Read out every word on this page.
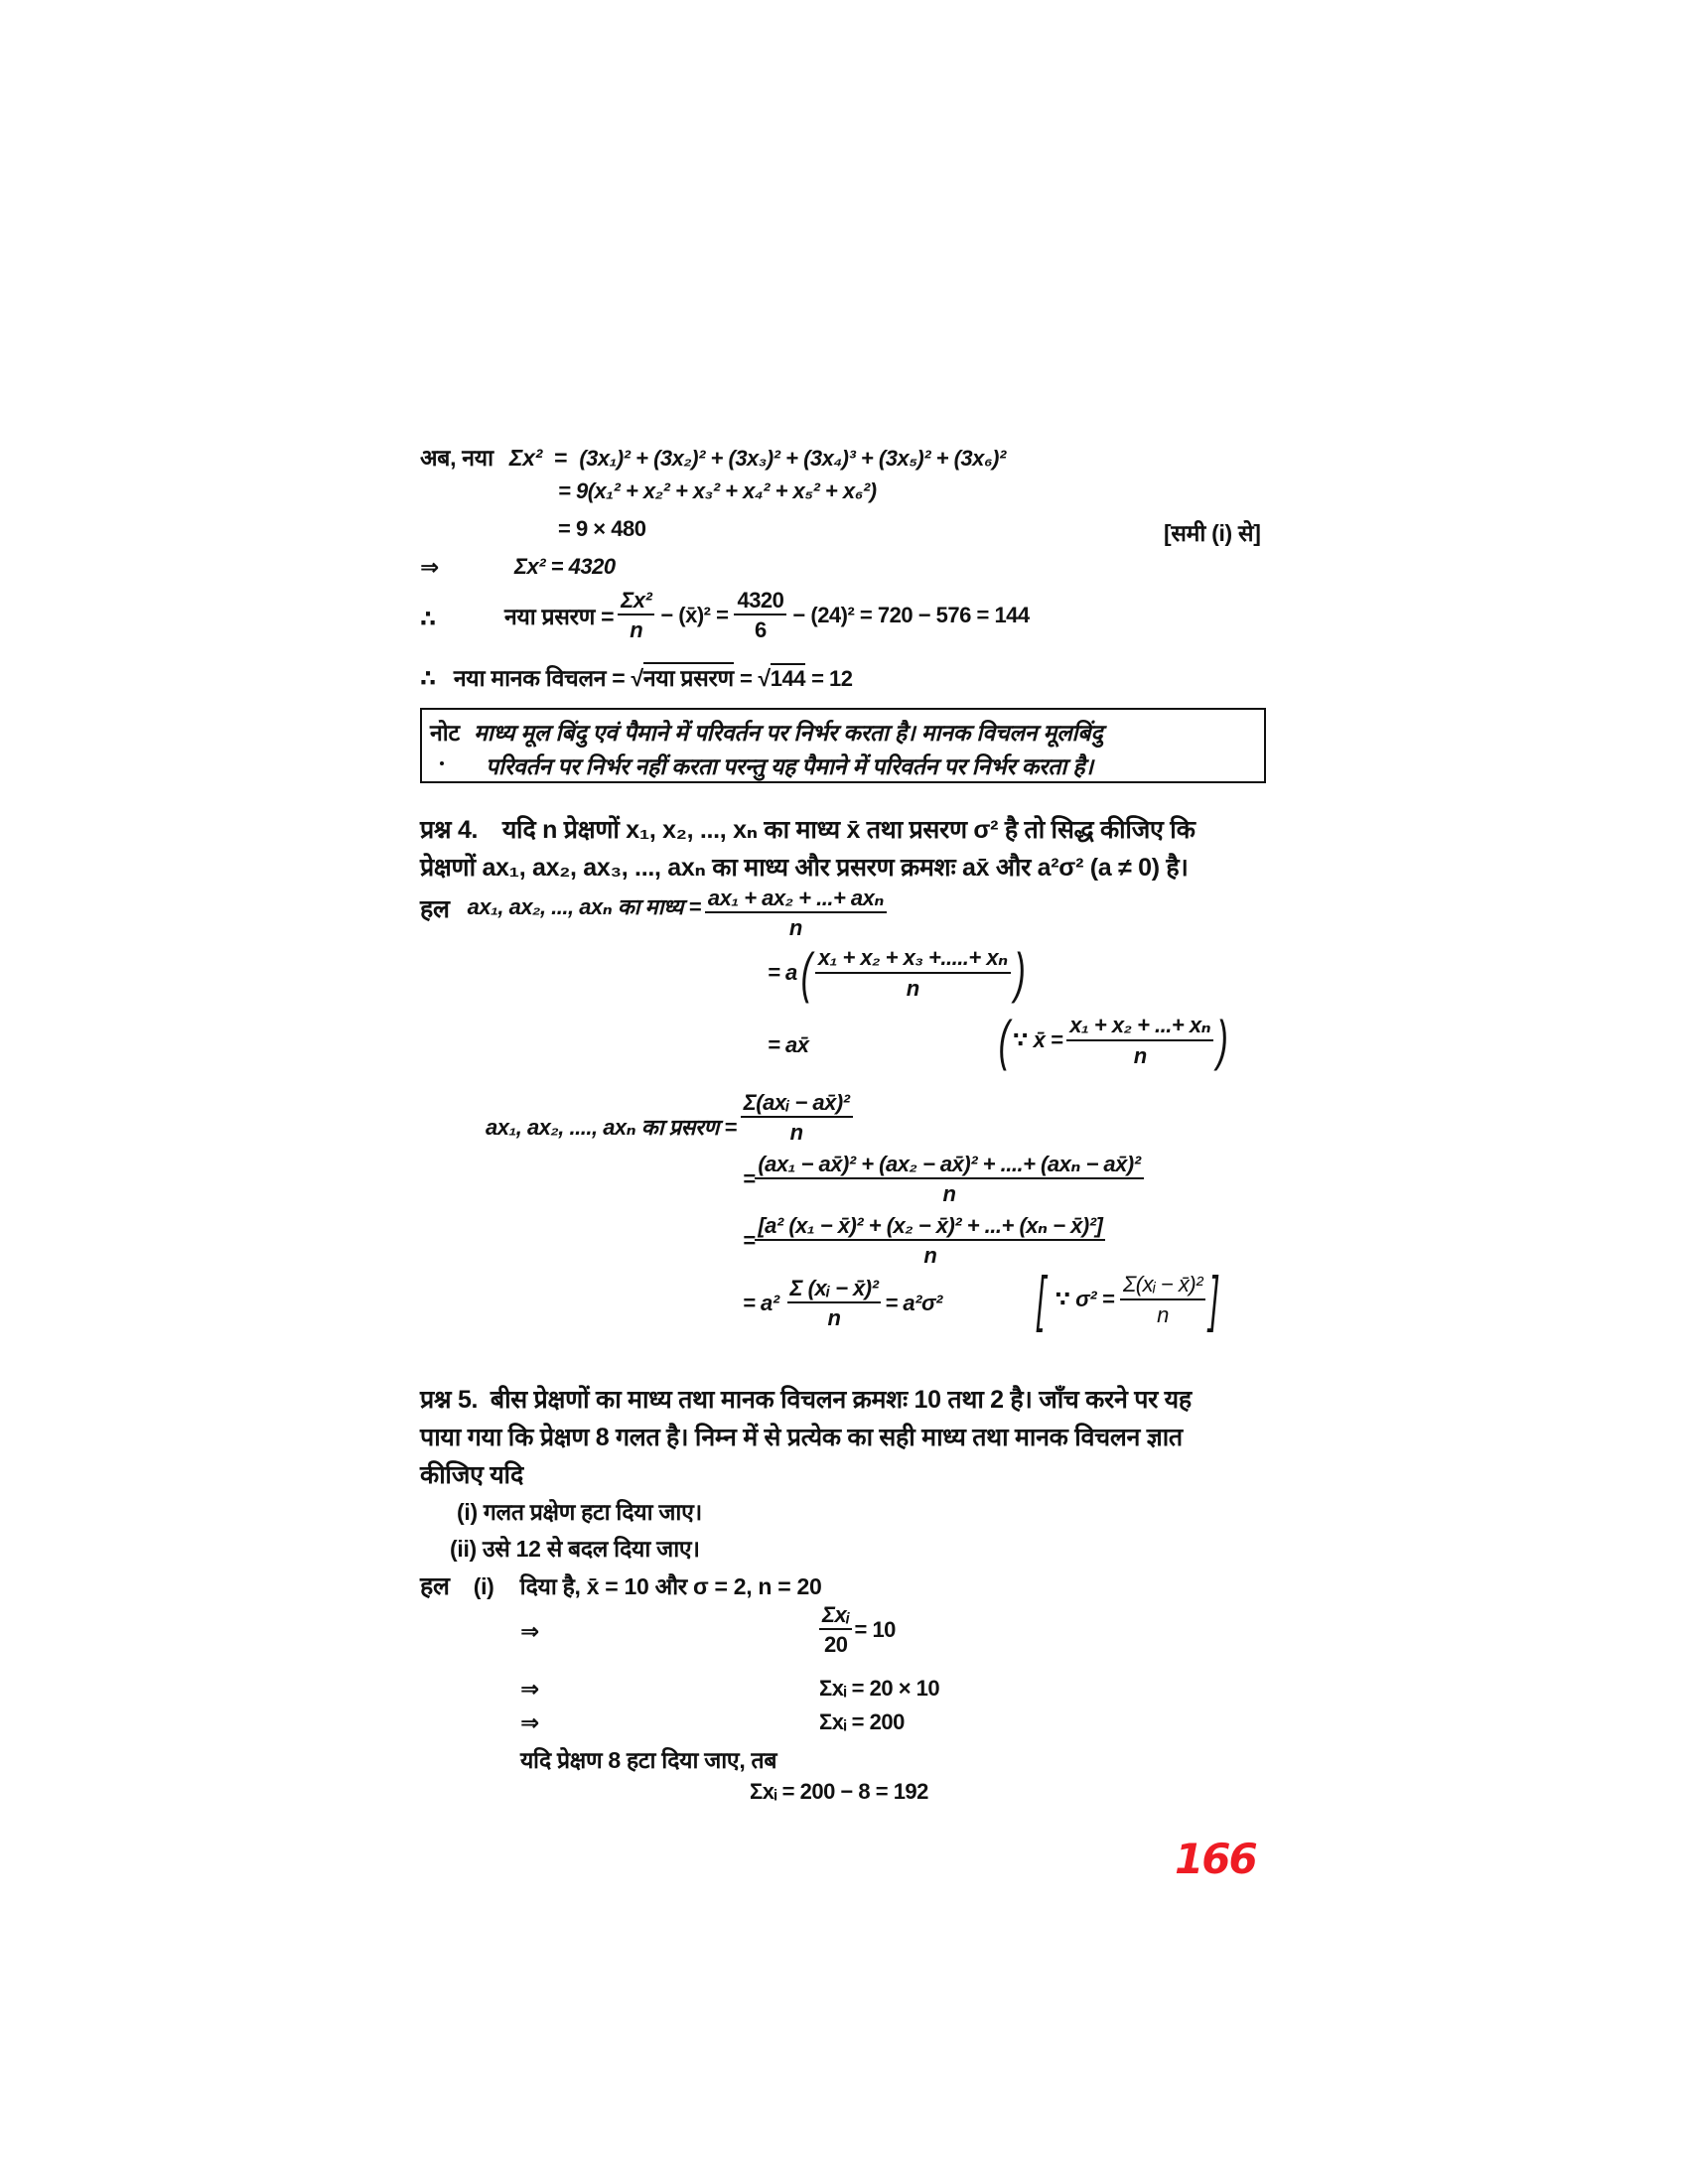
अब, नया Σx² = (3x₁)² + (3x₂)² + (3x₃)² + (3x₄)³ + (3x₅)² + (3x₆)²
= 9(x₁² + x₂² + x₃² + x₄² + x₅² + x₆²)
= 9 × 480	[समी (i) से]
⇒	Σx² = 4320
∴	नया प्रसरण = $\frac{\text{Σx²}}{n}$ − (x̄)² = $\frac{4320}{6} - (24)^2 = 720 - 576 = 144$
∴ नया मानक विचलन = √नया प्रसरण = √144 = 12
नोट माध्य मूल बिंदु एवं पैमाने में परिवर्तन पर निर्भर करता है। मानक विचलन मूलबिंदु
परिवर्तन पर निर्भर नहीं करता परन्तु यह पैमाने में परिवर्तन पर निर्भर करता है।
प्रश्न 4. यदि n प्रेक्षणों x₁, x₂, ..., xₙ का माध्य x̄ तथा प्रसरण σ² है तो सिद्ध कीजिए कि
प्रेक्षणों ax₁, ax₂, ax₃, ..., axₙ का माध्य और प्रसरण क्रमशः ax̄ और a²σ² (a ≠ 0) है।
हल ax₁, ax₂, ..., axₙ का माध्य = $\frac{\text{ax₁ + ax₂ + ...+ axₙ}}{n}$
= a ( $\frac{\text{x₁ + x₂ + x₃ +.....+ xₙ}}{n}$ )
= ax̄	( ∵ x̄ = $\frac{\text{x₁ + x₂ + ...+ xₙ}}{n}$ )
ax₁, ax₂, ...., axₙ का प्रसरण = $\frac{\text{Σ(axᵢ − ax̄)²}}{n}$
= $\frac{\text{(ax₁ − ax̄)² + (ax₂ − ax̄)² + ....+ (axₙ − ax̄)²}}{n}$
= $\frac{\text{[a² (x₁ − x̄)² + (x₂ − x̄)² + ...+ (xₙ − x̄)²]}}{n}$
= $a^2 \frac{\text{Σ (xᵢ − x̄)²}}{n} = a^2\sigma^2$ [ ∵ $\sigma^2 = \frac{\text{Σ(xᵢ − x̄)²}}{n}$ ]
प्रश्न 5. बीस प्रेक्षणों का माध्य तथा मानक विचलन क्रमशः 10 तथा 2 है। जाँच करने पर यह
पाया गया कि प्रेक्षण 8 गलत है। निम्न में से प्रत्येक का सही माध्य तथा मानक विचलन ज्ञात
कीजिए यदि
(i) गलत प्रक्षेण हटा दिया जाए।
(ii) उसे 12 से बदल दिया जाए।
हल (i) दिया है, x̄ = 10 और σ = 2, n = 20
⇒	$\frac{\text{Σxᵢ}}{20} = 10$
⇒	Σxᵢ = 20 × 10
⇒	Σxᵢ = 200
यदि प्रेक्षण 8 हटा दिया जाए, तब
Σxᵢ = 200 − 8 = 192
166
